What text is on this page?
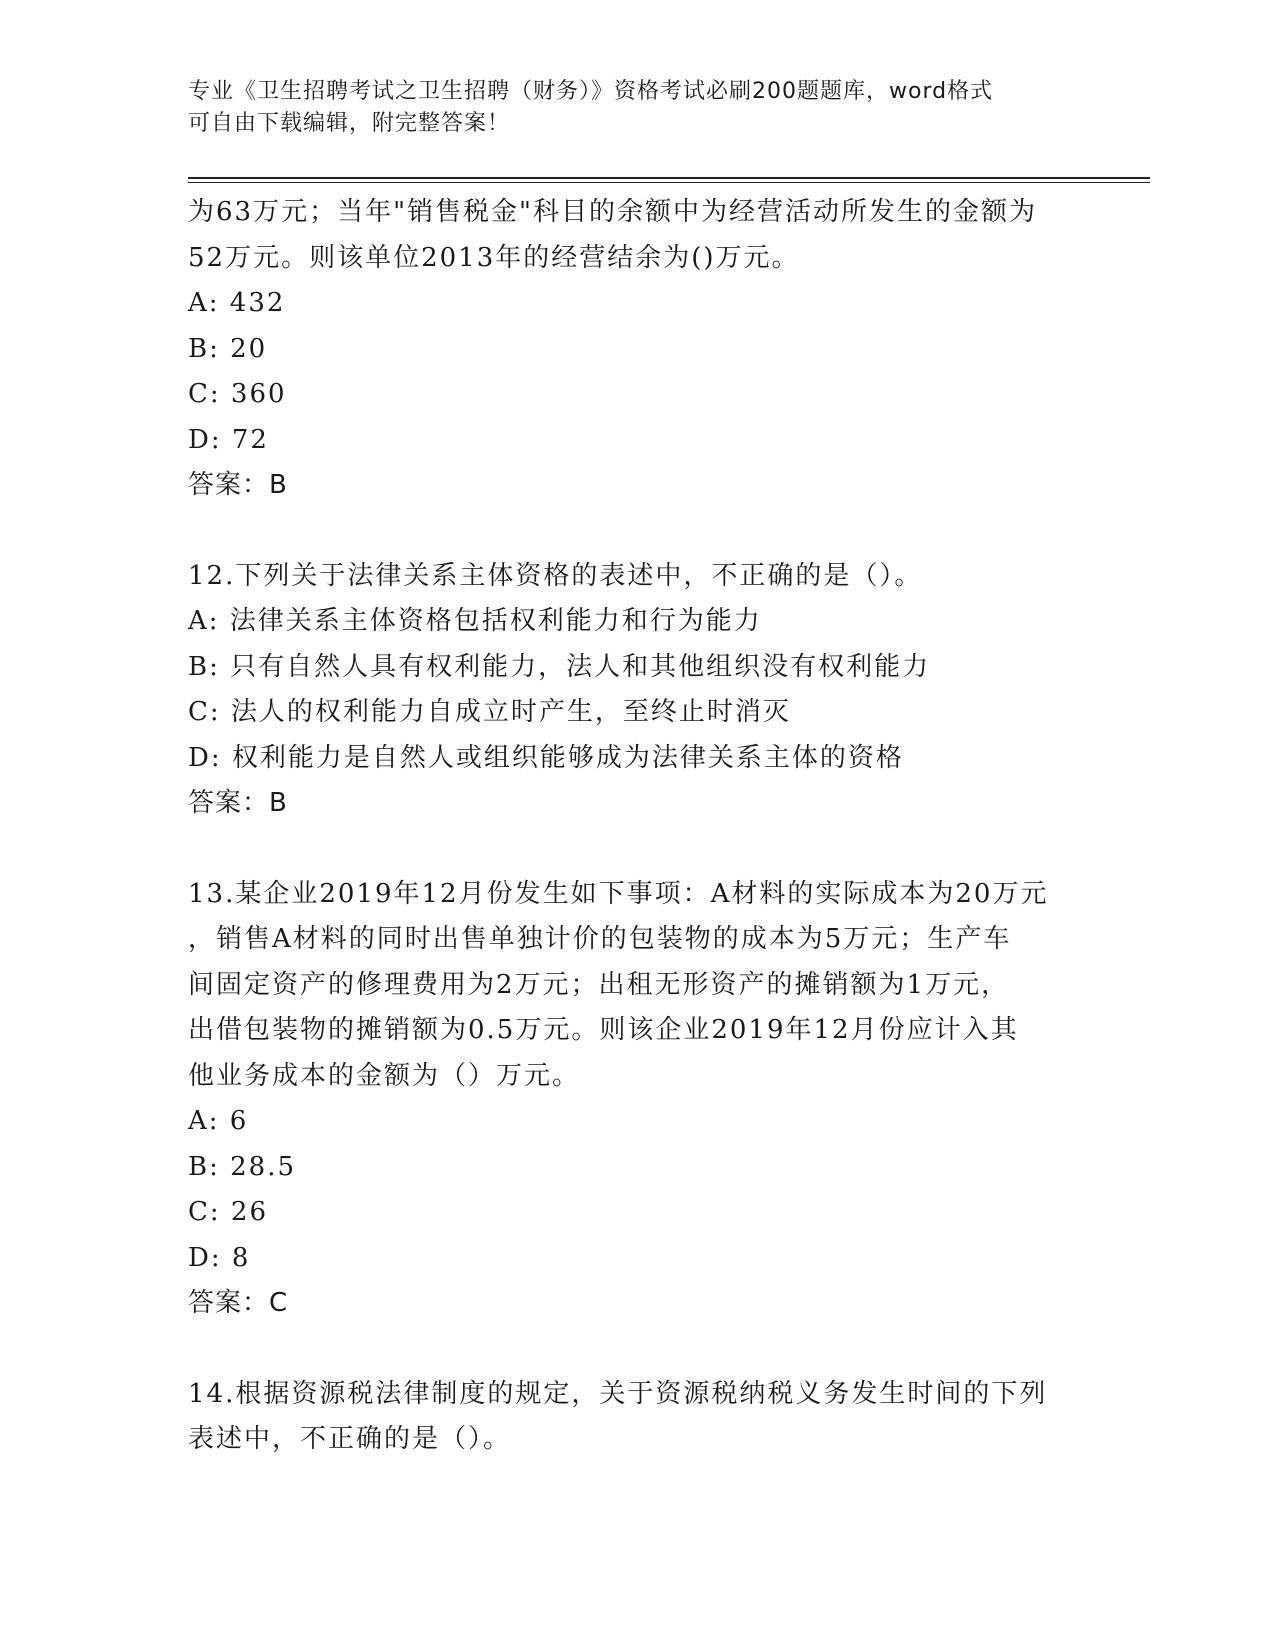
专业《卫生招聘考试之卫生招聘（财务）》资格考试必刷200题题库，word格式
可自由下载编辑，附完整答案！
为63万元；当年"销售税金"科目的余额中为经营活动所发生的金额为
52万元。则该单位2013年的经营结余为()万元。
A: 432
B: 20
C: 360
D: 72
答案：B
12.下列关于法律关系主体资格的表述中，不正确的是（）。
A: 法律关系主体资格包括权利能力和行为能力
B: 只有自然人具有权利能力，法人和其他组织没有权利能力
C: 法人的权利能力自成立时产生，至终止时消灭
D: 权利能力是自然人或组织能够成为法律关系主体的资格
答案：B
13.某企业2019年12月份发生如下事项：A材料的实际成本为20万元
，销售A材料的同时出售单独计价的包装物的成本为5万元；生产车
间固定资产的修理费用为2万元；出租无形资产的摊销额为1万元，
出借包装物的摊销额为0.5万元。则该企业2019年12月份应计入其
他业务成本的金额为（）万元。
A: 6
B: 28.5
C: 26
D: 8
答案：C
14.根据资源税法律制度的规定，关于资源税纳税义务发生时间的下列
表述中，不正确的是（）。
